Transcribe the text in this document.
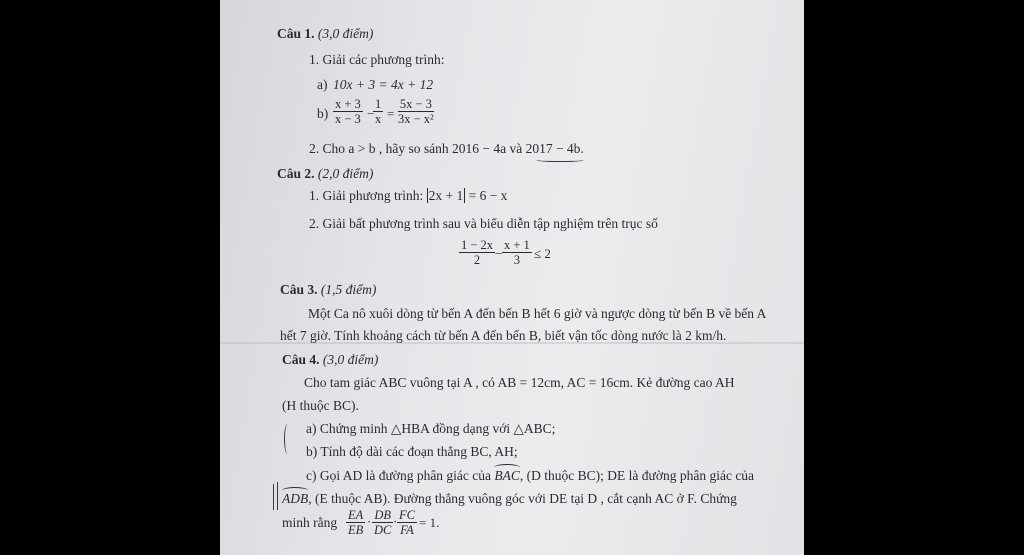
Câu 1. (3,0 điểm)
1. Giải các phương trình:
a) 10x + 3 = 4x + 12
$b) \frac{x + 3}{x - 3}$ −
$\frac{1}{x} = \frac{5x - 3}{\text{3x − x²}}$
2. Cho a > b , hãy so sánh 2016 − 4a và 2017 − 4b.
Câu 2. (2,0 điểm)
1. Giải phương trình: 2x + 1 = 6 − x
2. Giải bất phương trình sau và biểu diễn tập nghiệm trên trục số
$\frac{1 - 2x}{2} - \frac{x + 1}{3} \le 2$
Câu 3. (1,5 điểm)
Một Ca nô xuôi dòng từ bến A đến bến B hết 6 giờ và ngược dòng từ bến B về bến A
hết 7 giờ. Tính khoảng cách từ bến A đến bến B, biết vận tốc dòng nước là 2 km/h.
Câu 4. (3,0 điểm)
Cho tam giác ABC vuông tại A , có AB = 12cm, AC = 16cm. Kẻ đường cao AH
(H thuộc BC).
a) Chứng minh △HBA đồng dạng với △ABC;
b) Tính độ dài các đoạn thẳng BC, AH;
c) Gọi AD là đường phân giác của BAC, (D thuộc BC); DE là đường phân giác của
ADB, (E thuộc AB). Đường thẳng vuông góc với DE tại D , cắt cạnh AC ở F. Chứng
minh rằng $\frac{EA}{EB} \cdot \frac{DB}{DC} \cdot \frac{FC}{FA} = 1$.
